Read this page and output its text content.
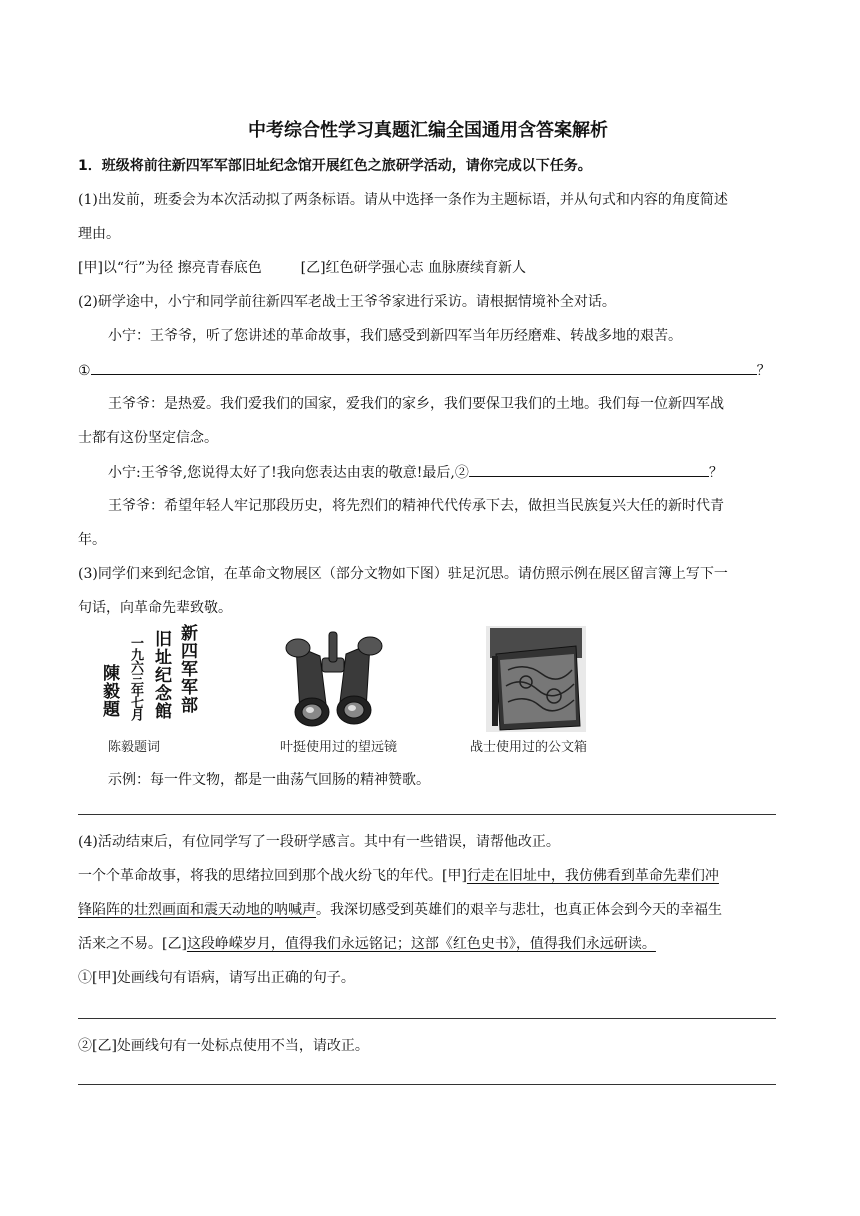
中考综合性学习真题汇编全国通用含答案解析
1．班级将前往新四军军部旧址纪念馆开展红色之旅研学活动，请你完成以下任务。
(1)出发前，班委会为本次活动拟了两条标语。请从中选择一条作为主题标语，并从句式和内容的角度简述
理由。
[甲]以“行”为径 擦亮青春底色	[乙]红色研学强心志 血脉赓续育新人
(2)研学途中，小宁和同学前往新四军老战士王爷爷家进行采访。请根据情境补全对话。
小宁：王爷爷，听了您讲述的革命故事，我们感受到新四军当年历经磨难、转战多地的艰苦。
①	？
王爷爷：是热爱。我们爱我们的国家，爱我们的家乡，我们要保卫我们的土地。我们每一位新四军战
士都有这份坚定信念。
小宁:王爷爷,您说得太好了!我向您表达由衷的敬意!最后,②	？
王爷爷：希望年轻人牢记那段历史，将先烈们的精神代代传承下去，做担当民族复兴大任的新时代青
年。
(3)同学们来到纪念馆，在革命文物展区（部分文物如下图）驻足沉思。请仿照示例在展区留言簿上写下一
句话，向革命先辈致敬。
新四军军部
旧址纪念館
一九六三年七月
陳毅題
陈毅题词	叶挺使用过的望远镜	战士使用过的公文箱
示例：每一件文物，都是一曲荡气回肠的精神赞歌。
(4)活动结束后，有位同学写了一段研学感言。其中有一些错误，请帮他改正。
一个个革命故事，将我的思绪拉回到那个战火纷飞的年代。[甲]行走在旧址中，我仿佛看到革命先辈们冲
锋陷阵的壮烈画面和震天动地的呐喊声。我深切感受到英雄们的艰辛与悲壮，也真正体会到今天的幸福生
活来之不易。[乙]这段峥嵘岁月，值得我们永远铭记；这部《红色史书》，值得我们永远研读。
①[甲]处画线句有语病，请写出正确的句子。
②[乙]处画线句有一处标点使用不当，请改正。
